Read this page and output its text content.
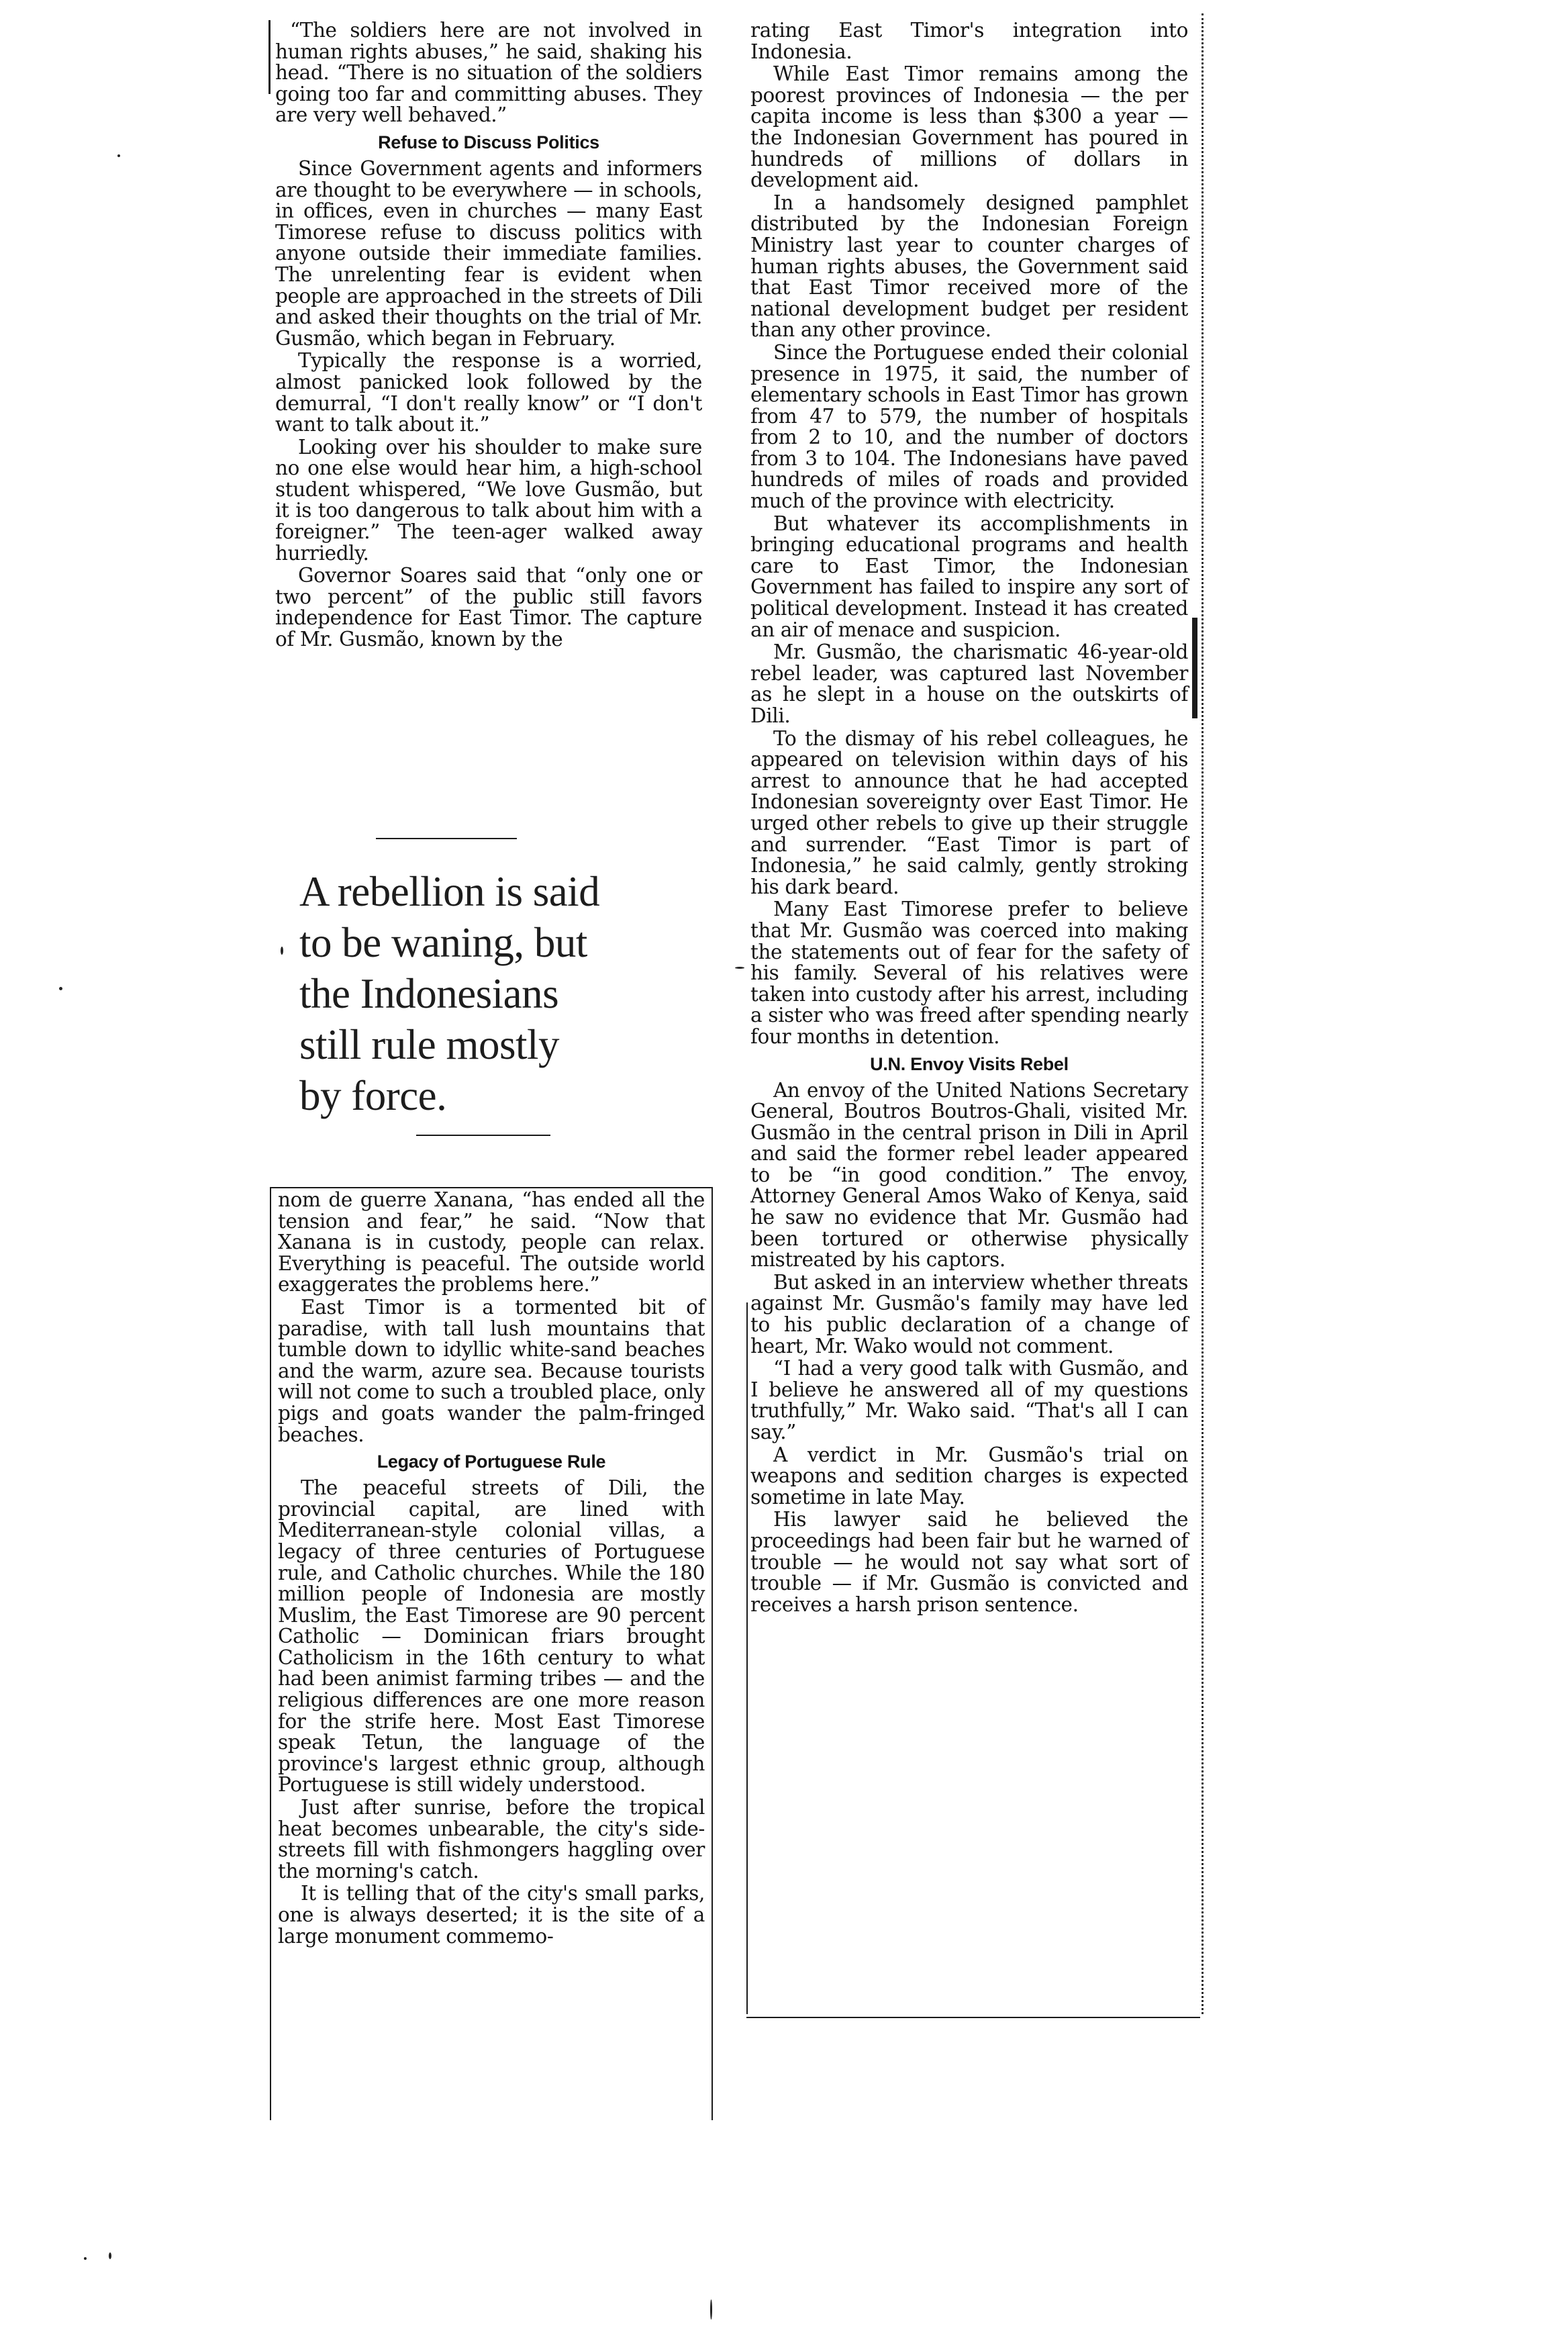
“The soldiers here are not involved in human rights abuses,” he said, shaking his head. “There is no situation of the soldiers going too far and committing abuses. They are very well behaved.”

Refuse to Discuss Politics

Since Government agents and informers are thought to be everywhere — in schools, in offices, even in churches — many East Timorese refuse to discuss politics with anyone outside their immediate families. The unrelenting fear is evident when people are approached in the streets of Dili and asked their thoughts on the trial of Mr. Gusmão, which began in February.

Typically the response is a worried, almost panicked look followed by the demurral, “I don't really know” or “I don't want to talk about it.”

Looking over his shoulder to make sure no one else would hear him, a high-school student whispered, “We love Gusmão, but it is too dangerous to talk about him with a foreigner.” The teen-ager walked away hurriedly.

Governor Soares said that “only one or two percent” of the public still favors independence for East Timor. The capture of Mr. Gusmão, known by the

A rebellion is said
to be waning, but
the Indonesians
still rule mostly
by force.

nom de guerre Xanana, “has ended all the tension and fear,” he said. “Now that Xanana is in custody, people can relax. Everything is peaceful. The outside world exaggerates the problems here.”

East Timor is a tormented bit of paradise, with tall lush mountains that tumble down to idyllic white-sand beaches and the warm, azure sea. Because tourists will not come to such a troubled place, only pigs and goats wander the palm-fringed beaches.

Legacy of Portuguese Rule

The peaceful streets of Dili, the provincial capital, are lined with Mediterranean-style colonial villas, a legacy of three centuries of Portuguese rule, and Catholic churches. While the 180 million people of Indonesia are mostly Muslim, the East Timorese are 90 percent Catholic — Dominican friars brought Catholicism in the 16th century to what had been animist farming tribes — and the religious differences are one more reason for the strife here. Most East Timorese speak Tetun, the language of the province's largest ethnic group, although Portuguese is still widely understood.

Just after sunrise, before the tropical heat becomes unbearable, the city's side-streets fill with fishmongers haggling over the morning's catch.

It is telling that of the city's small parks, one is always deserted; it is the site of a large monument commemo-

rating East Timor's integration into Indonesia.

While East Timor remains among the poorest provinces of Indonesia — the per capita income is less than $300 a year — the Indonesian Government has poured in hundreds of millions of dollars in development aid.

In a handsomely designed pamphlet distributed by the Indonesian Foreign Ministry last year to counter charges of human rights abuses, the Government said that East Timor received more of the national development budget per resident than any other province.

Since the Portuguese ended their colonial presence in 1975, it said, the number of elementary schools in East Timor has grown from 47 to 579, the number of hospitals from 2 to 10, and the number of doctors from 3 to 104. The Indonesians have paved hundreds of miles of roads and provided much of the province with electricity.

But whatever its accomplishments in bringing educational programs and health care to East Timor, the Indonesian Government has failed to inspire any sort of political development. Instead it has created an air of menace and suspicion.

Mr. Gusmão, the charismatic 46-year-old rebel leader, was captured last November as he slept in a house on the outskirts of Dili.

To the dismay of his rebel colleagues, he appeared on television within days of his arrest to announce that he had accepted Indonesian sovereignty over East Timor. He urged other rebels to give up their struggle and surrender. “East Timor is part of Indonesia,” he said calmly, gently stroking his dark beard.

Many East Timorese prefer to believe that Mr. Gusmão was coerced into making the statements out of fear for the safety of his family. Several of his relatives were taken into custody after his arrest, including a sister who was freed after spending nearly four months in detention.

U.N. Envoy Visits Rebel

An envoy of the United Nations Secretary General, Boutros Boutros-Ghali, visited Mr. Gusmão in the central prison in Dili in April and said the former rebel leader appeared to be “in good condition.” The envoy, Attorney General Amos Wako of Kenya, said he saw no evidence that Mr. Gusmão had been tortured or otherwise physically mistreated by his captors.

But asked in an interview whether threats against Mr. Gusmão's family may have led to his public declaration of a change of heart, Mr. Wako would not comment.

“I had a very good talk with Gusmão, and I believe he answered all of my questions truthfully,” Mr. Wako said. “That's all I can say.”

A verdict in Mr. Gusmão's trial on weapons and sedition charges is expected sometime in late May.

His lawyer said he believed the proceedings had been fair but he warned of trouble — he would not say what sort of trouble — if Mr. Gusmão is convicted and receives a harsh prison sentence.
